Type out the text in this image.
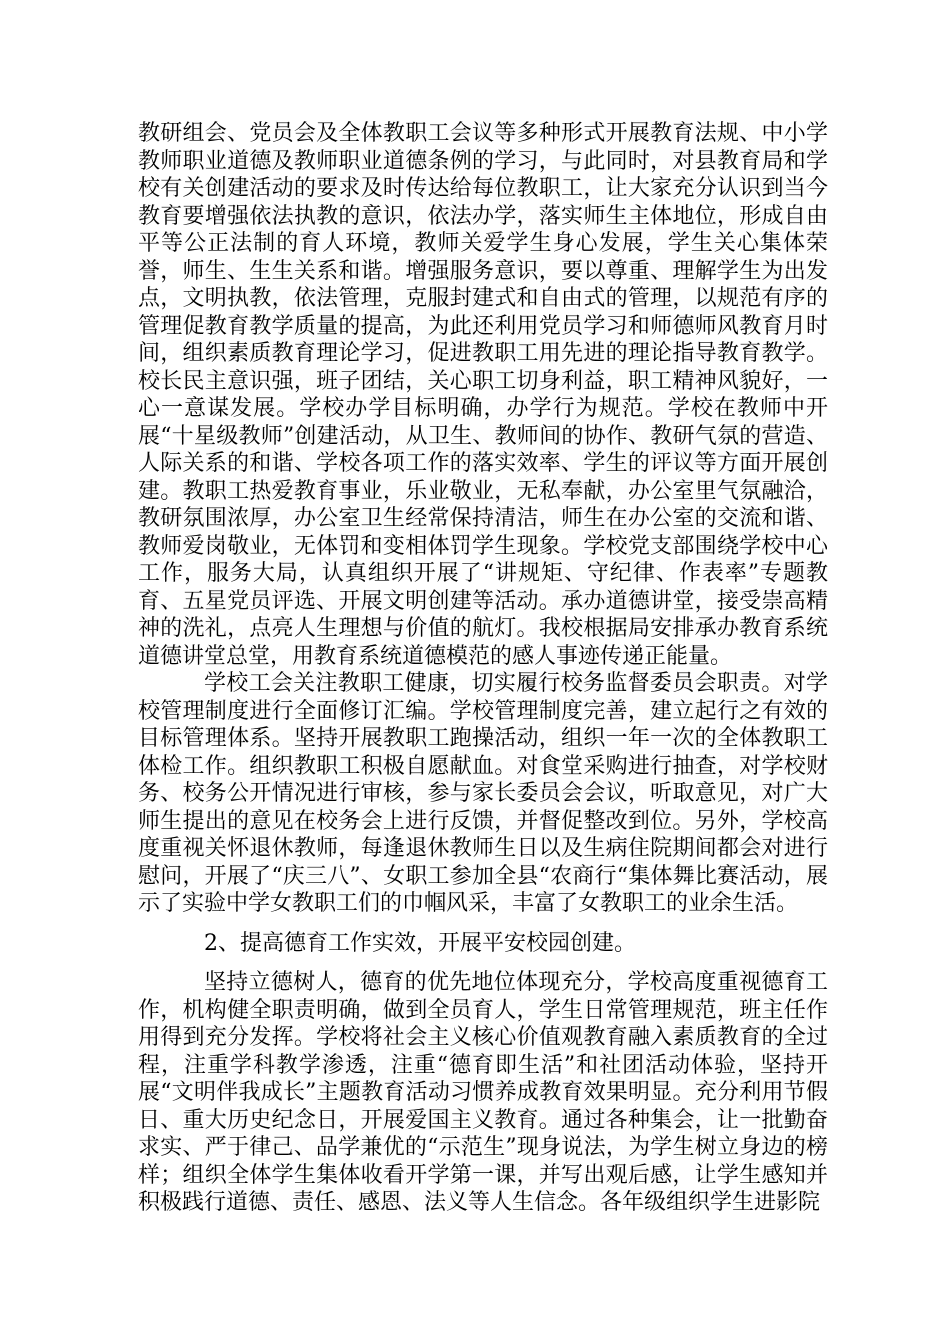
教研组会、党员会及全体教职工会议等多种形式开展教育法规、中小学教师职业道德及教师职业道德条例的学习，与此同时，对县教育局和学校有关创建活动的要求及时传达给每位教职工，让大家充分认识到当今教育要增强依法执教的意识，依法办学，落实师生主体地位，形成自由平等公正法制的育人环境，教师关爱学生身心发展，学生关心集体荣誉，师生、生生关系和谐。增强服务意识，要以尊重、理解学生为出发点，文明执教，依法管理，克服封建式和自由式的管理，以规范有序的管理促教育教学质量的提高，为此还利用党员学习和师德师风教育月时间，组织素质教育理论学习，促进教职工用先进的理论指导教育教学。校长民主意识强，班子团结，关心职工切身利益，职工精神风貌好，一心一意谋发展。学校办学目标明确，办学行为规范。学校在教师中开展“十星级教师”创建活动，从卫生、教师间的协作、教研气氛的营造、人际关系的和谐、学校各项工作的落实效率、学生的评议等方面开展创建。教职工热爱教育事业，乐业敬业，无私奉献，办公室里气氛融洽，教研氛围浓厚，办公室卫生经常保持清洁，师生在办公室的交流和谐、教师爱岗敬业，无体罚和变相体罚学生现象。学校党支部围绕学校中心工作，服务大局，认真组织开展了“讲规矩、守纪律、作表率”专题教育、五星党员评选、开展文明创建等活动。承办道德讲堂，接受崇高精神的洗礼，点亮人生理想与价值的航灯。我校根据局安排承办教育系统道德讲堂总堂，用教育系统道德模范的感人事迹传递正能量。

学校工会关注教职工健康，切实履行校务监督委员会职责。对学校管理制度进行全面修订汇编。学校管理制度完善，建立起行之有效的目标管理体系。坚持开展教职工跑操活动，组织一年一次的全体教职工体检工作。组织教职工积极自愿献血。对食堂采购进行抽查，对学校财务、校务公开情况进行审核，参与家长委员会会议，听取意见，对广大师生提出的意见在校务会上进行反馈，并督促整改到位。另外，学校高度重视关怀退休教师，每逢退休教师生日以及生病住院期间都会对进行慰问，开展了“庆三八”、女职工参加全县“农商行“集体舞比赛活动，展示了实验中学女教职工们的巾帼风采，丰富了女教职工的业余生活。

2、提高德育工作实效，开展平安校园创建。

坚持立德树人，德育的优先地位体现充分，学校高度重视德育工作，机构健全职责明确，做到全员育人，学生日常管理规范，班主任作用得到充分发挥。学校将社会主义核心价值观教育融入素质教育的全过程，注重学科教学渗透，注重“德育即生活”和社团活动体验，坚持开展“文明伴我成长”主题教育活动习惯养成教育效果明显。充分利用节假日、重大历史纪念日，开展爱国主义教育。通过各种集会，让一批勤奋求实、严于律己、品学兼优的“示范生”现身说法，为学生树立身边的榜样；组织全体学生集体收看开学第一课，并写出观后感，让学生感知并积极践行道德、责任、感恩、法义等人生信念。各年级组织学生进影院
